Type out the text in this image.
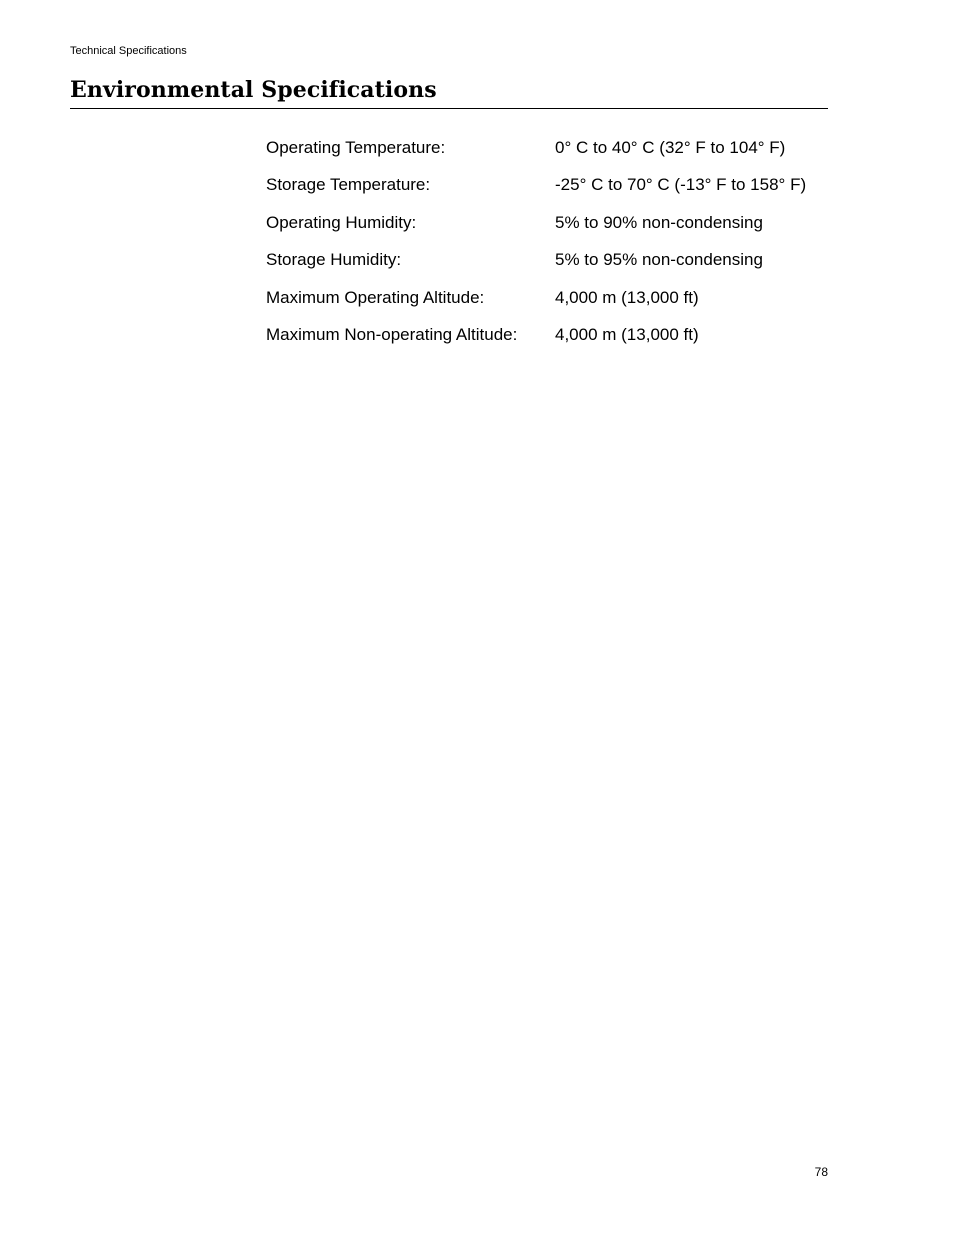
Technical Specifications
Environmental Specifications
Operating Temperature:	0° C to 40° C (32° F to 104° F)
Storage Temperature:	-25° C to 70° C (-13° F to 158° F)
Operating Humidity:	5% to 90% non-condensing
Storage Humidity:	5% to 95% non-condensing
Maximum Operating Altitude:	4,000 m (13,000 ft)
Maximum Non-operating Altitude:	4,000 m (13,000 ft)
78
